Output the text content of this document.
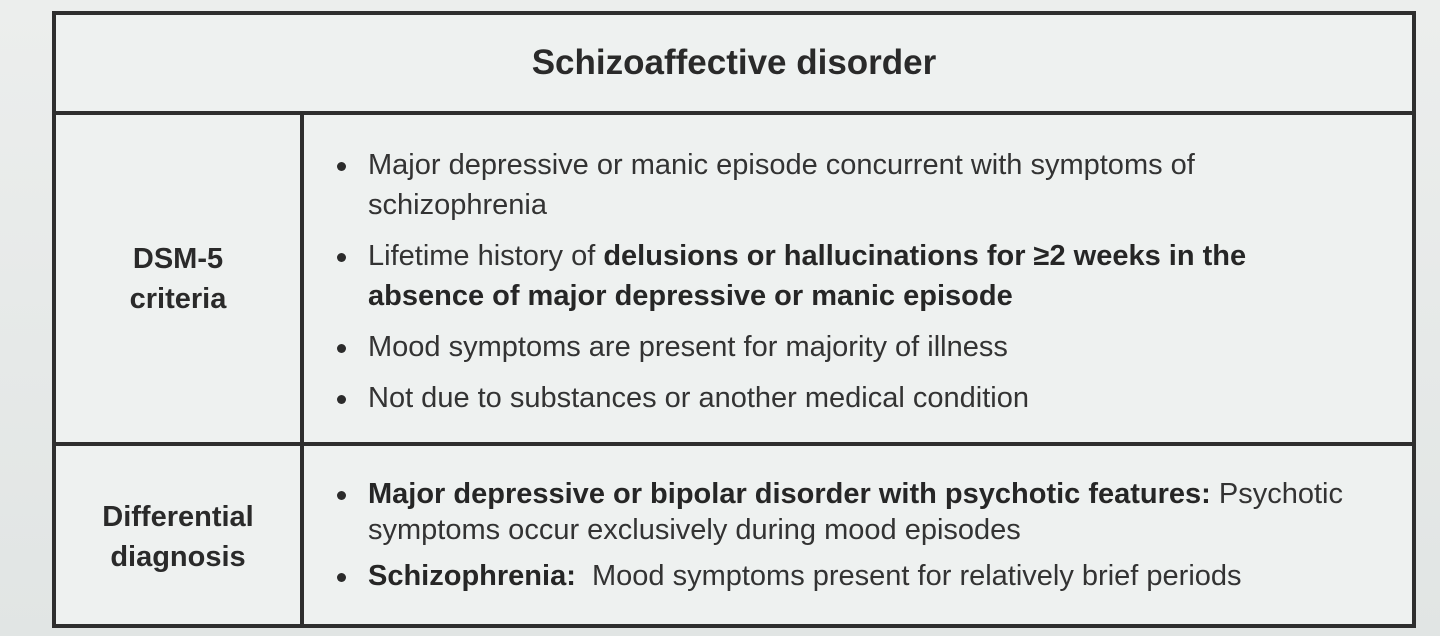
Schizoaffective disorder
DSM-5
criteria
Major depressive or manic episode concurrent with symptoms of schizophrenia
Lifetime history of delusions or hallucinations for ≥2 weeks in the absence of major depressive or manic episode
Mood symptoms are present for majority of illness
Not due to substances or another medical condition
Differential
diagnosis
Major depressive or bipolar disorder with psychotic features: Psychotic symptoms occur exclusively during mood episodes
Schizophrenia:  Mood symptoms present for relatively brief periods
